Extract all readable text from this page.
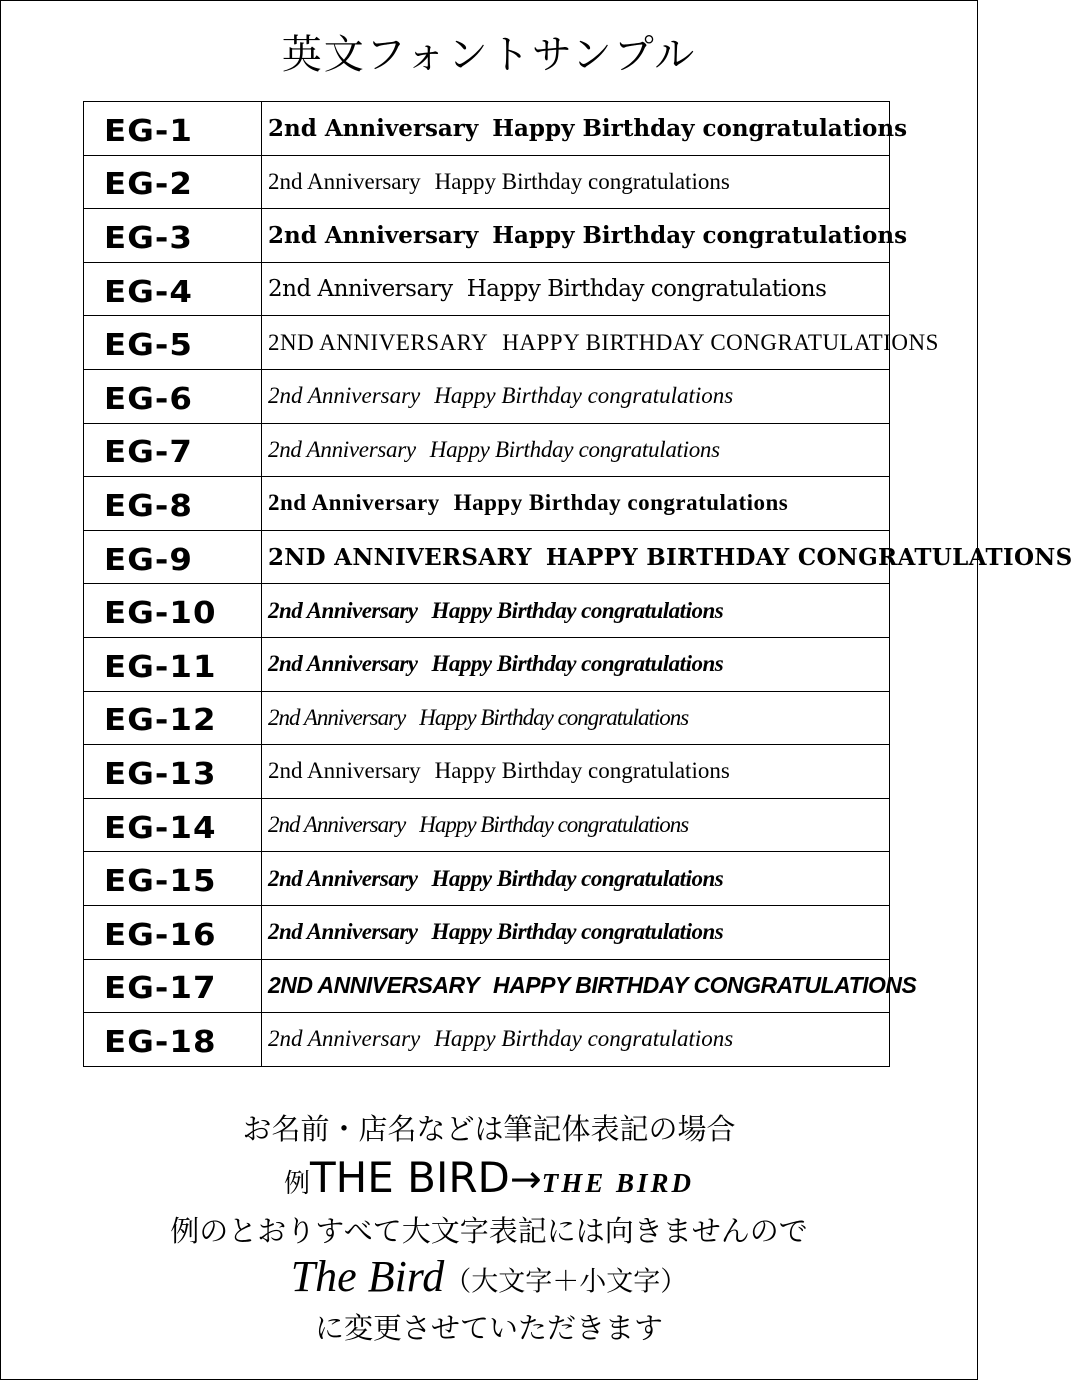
英文フォントサンプル
EG-1	2nd Anniversary Happy Birthday congratulations
EG-2	2nd Anniversary Happy Birthday congratulations
EG-3	2nd Anniversary Happy Birthday congratulations
EG-4	2nd Anniversary Happy Birthday congratulations
EG-5	2ND ANNIVERSARY HAPPY BIRTHDAY CONGRATULATIONS
EG-6	2nd Anniversary Happy Birthday congratulations
EG-7	2nd Anniversary Happy Birthday congratulations
EG-8	2nd Anniversary Happy Birthday congratulations
EG-9	2ND ANNIVERSARY HAPPY BIRTHDAY CONGRATULATIONS
EG-10	2nd Anniversary Happy Birthday congratulations
EG-11	2nd Anniversary Happy Birthday congratulations
EG-12	2nd Anniversary Happy Birthday congratulations
EG-13	2nd Anniversary Happy Birthday congratulations
EG-14	2nd Anniversary Happy Birthday congratulations
EG-15	2nd Anniversary Happy Birthday congratulations
EG-16	2nd Anniversary Happy Birthday congratulations
EG-17	2ND ANNIVERSARY HAPPY BIRTHDAY CONGRATULATIONS
EG-18	2nd Anniversary Happy Birthday congratulations
お名前・店名などは筆記体表記の場合
例THE BIRD→THE BIRD
例のとおりすべて大文字表記には向きませんので
The Bird（大文字＋小文字）
に変更させていただきます
